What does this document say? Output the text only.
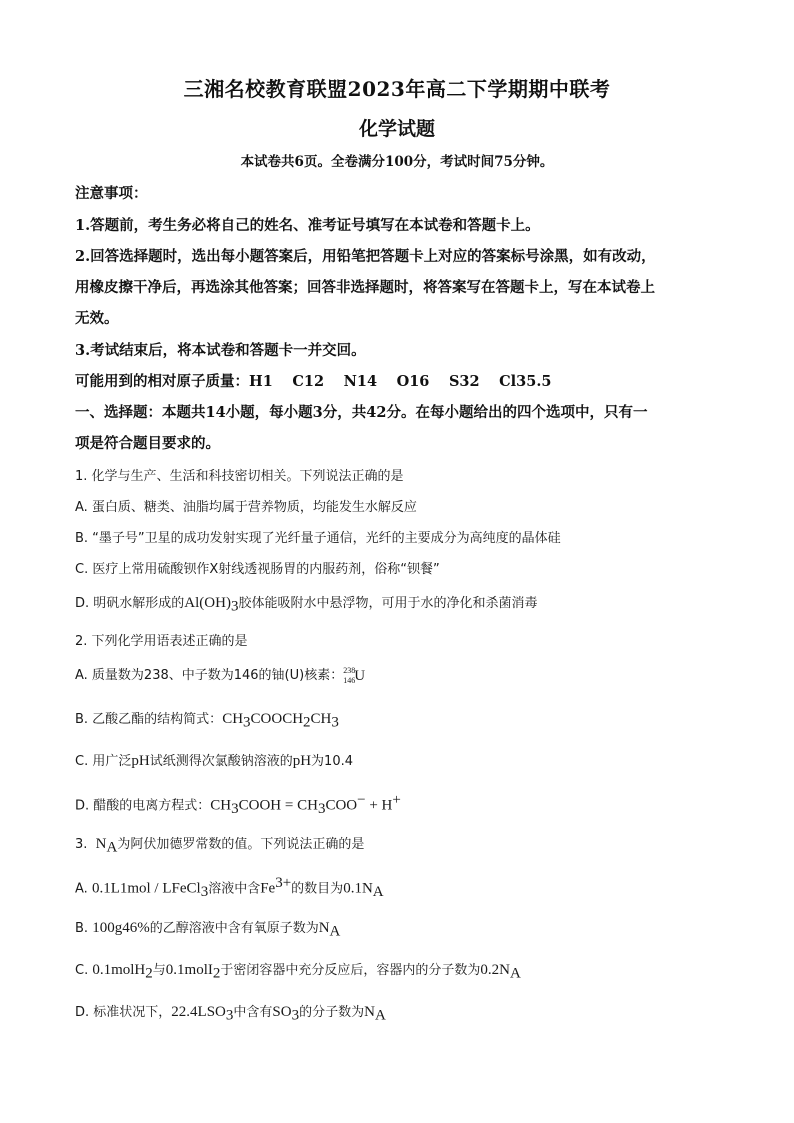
三湘名校教育联盟2023年高二下学期期中联考
化学试题
本试卷共6页。全卷满分100分，考试时间75分钟。
注意事项：
1.答题前，考生务必将自己的姓名、准考证号填写在本试卷和答题卡上。
2.回答选择题时，选出每小题答案后，用铅笔把答题卡上对应的答案标号涂黑，如有改动，
用橡皮擦干净后，再选涂其他答案；回答非选择题时，将答案写在答题卡上，写在本试卷上
无效。
3.考试结束后，将本试卷和答题卡一并交回。
可能用到的相对原子质量：H1　 C12　 N14　 O16　 S32　 Cl35.5
一、选择题：本题共14小题，每小题3分，共42分。在每小题给出的四个选项中，只有一
项是符合题目要求的。
1. 化学与生产、生活和科技密切相关。下列说法正确的是
A. 蛋白质、糖类、油脂均属于营养物质，均能发生水解反应
B. “墨子号”卫星的成功发射实现了光纤量子通信，光纤的主要成分为高纯度的晶体硅
C. 医疗上常用硫酸钡作X射线透视肠胃的内服药剂，俗称“钡餐”
D. 明矾水解形成的$Al(OH)_3$胶体能吸附水中悬浮物，可用于水的净化和杀菌消毒
2. 下列化学用语表述正确的是
A. 质量数为238、中子数为146的铀(U)核素： 238
146 U
B. 乙酸乙酯的结构简式：$CH_3COOCH_2CH_3$
C. 用广泛pH试纸测得次氯酸钠溶液的pH为10.4
D. 醋酸的电离方程式：$CH_3COOH = CH_3COO^- + H^+$
3.  $N_A$为阿伏加德罗常数的值。下列说法正确的是
A. 0.1L1mol / LFeCl$_3$溶液中含$Fe^{3+}$的数目为$0.1N_A$
B. 100g46%的乙醇溶液中含有氧原子数为$N_A$
C. 0.1molH$_2$与0.1molI$_2$于密闭容器中充分反应后，容器内的分子数为$0.2N_A$
D. 标准状况下，$22.4LSO_3$中含有$SO_3$的分子数为$N_A$
